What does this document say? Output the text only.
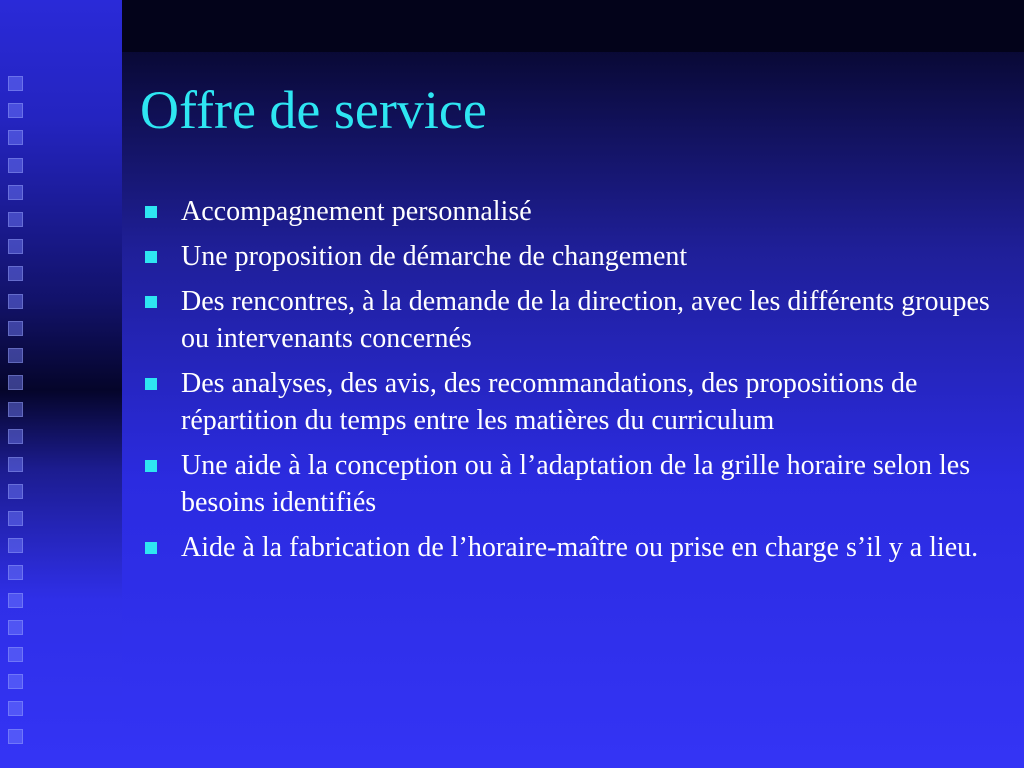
Offre de service
Accompagnement personnalisé
Une proposition de démarche de changement
Des rencontres, à la demande de la direction, avec les différents groupes ou intervenants concernés
Des analyses, des avis, des recommandations, des propositions de répartition du temps entre les matières du curriculum
Une aide à la conception ou à l’adaptation de la grille horaire selon les besoins identifiés
Aide à la fabrication de l’horaire-maître ou prise en charge s’il y a lieu.
